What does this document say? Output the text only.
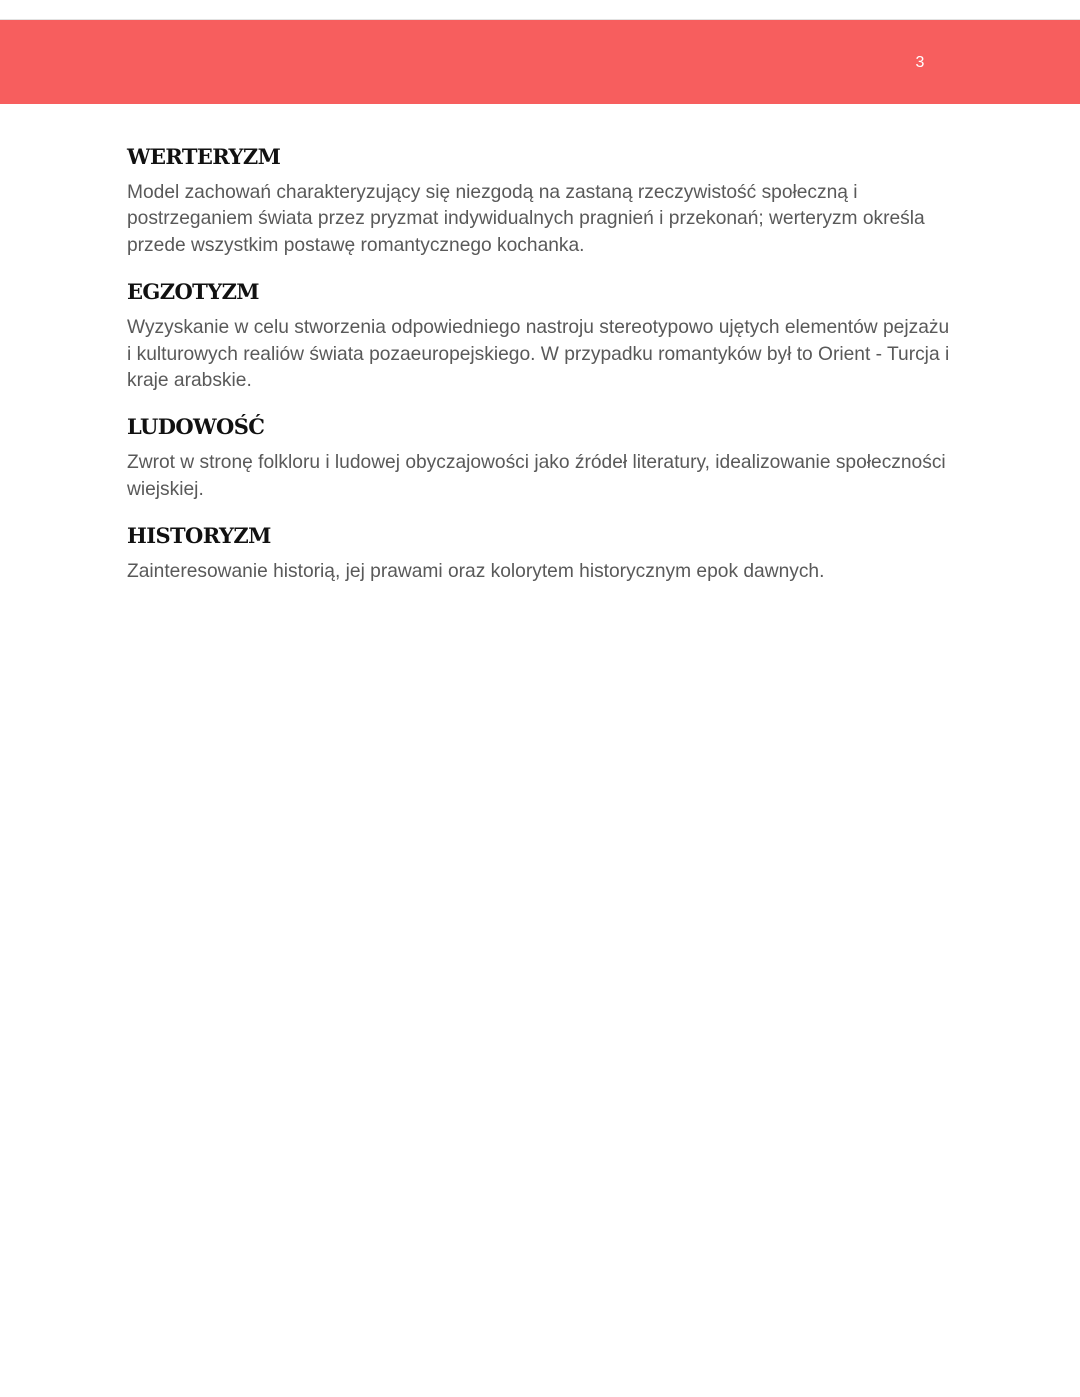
3
WERTERYZM

Model zachowań charakteryzujący się niezgodą na zastaną rzeczywistość społeczną i postrzeganiem świata przez pryzmat indywidualnych pragnień i przekonań; werteryzm określa przede wszystkim postawę romantycznego kochanka.

EGZOTYZM

Wyzyskanie w celu stworzenia odpowiedniego nastroju stereotypowo ujętych elementów pejzażu i kulturowych realiów świata pozaeuropejskiego. W przypadku romantyków był to Orient - Turcja i kraje arabskie.

LUDOWOŚĆ

Zwrot w stronę folkloru i ludowej obyczajowości jako źródeł literatury, idealizowanie społeczności wiejskiej.

HISTORYZM

Zainteresowanie historią, jej prawami oraz kolorytem historycznym epok dawnych.
